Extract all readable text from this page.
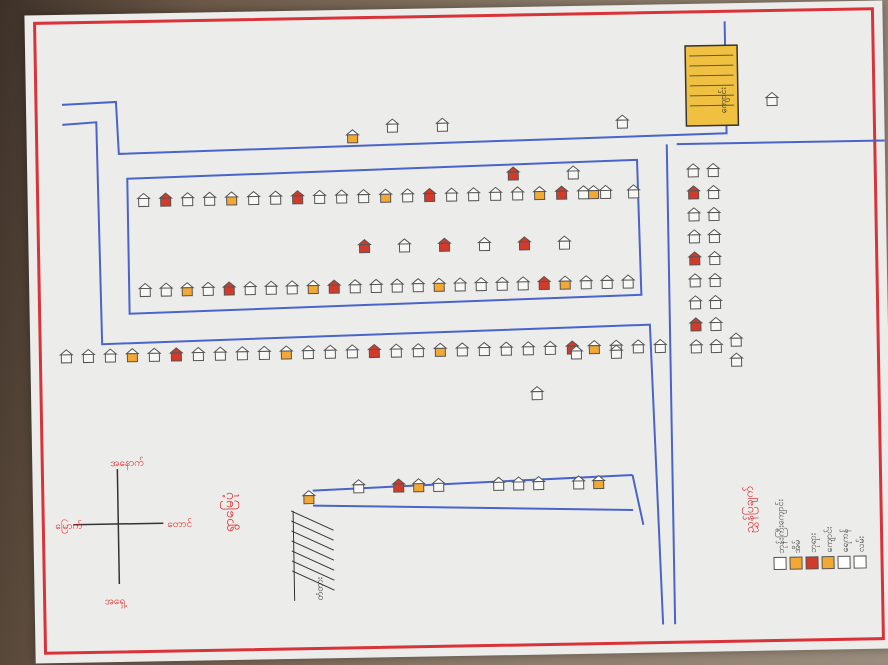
တံတား
ကျောင်း
ရွာမြေပုံ
အနောက်
အရှေ့
မြောက်	တောင်	ညွှန်ပြချက်	ဘုန်းကြီးကျောင်း အိမ် ဘုရား ကျောင်း ရေကန် လမ်း
